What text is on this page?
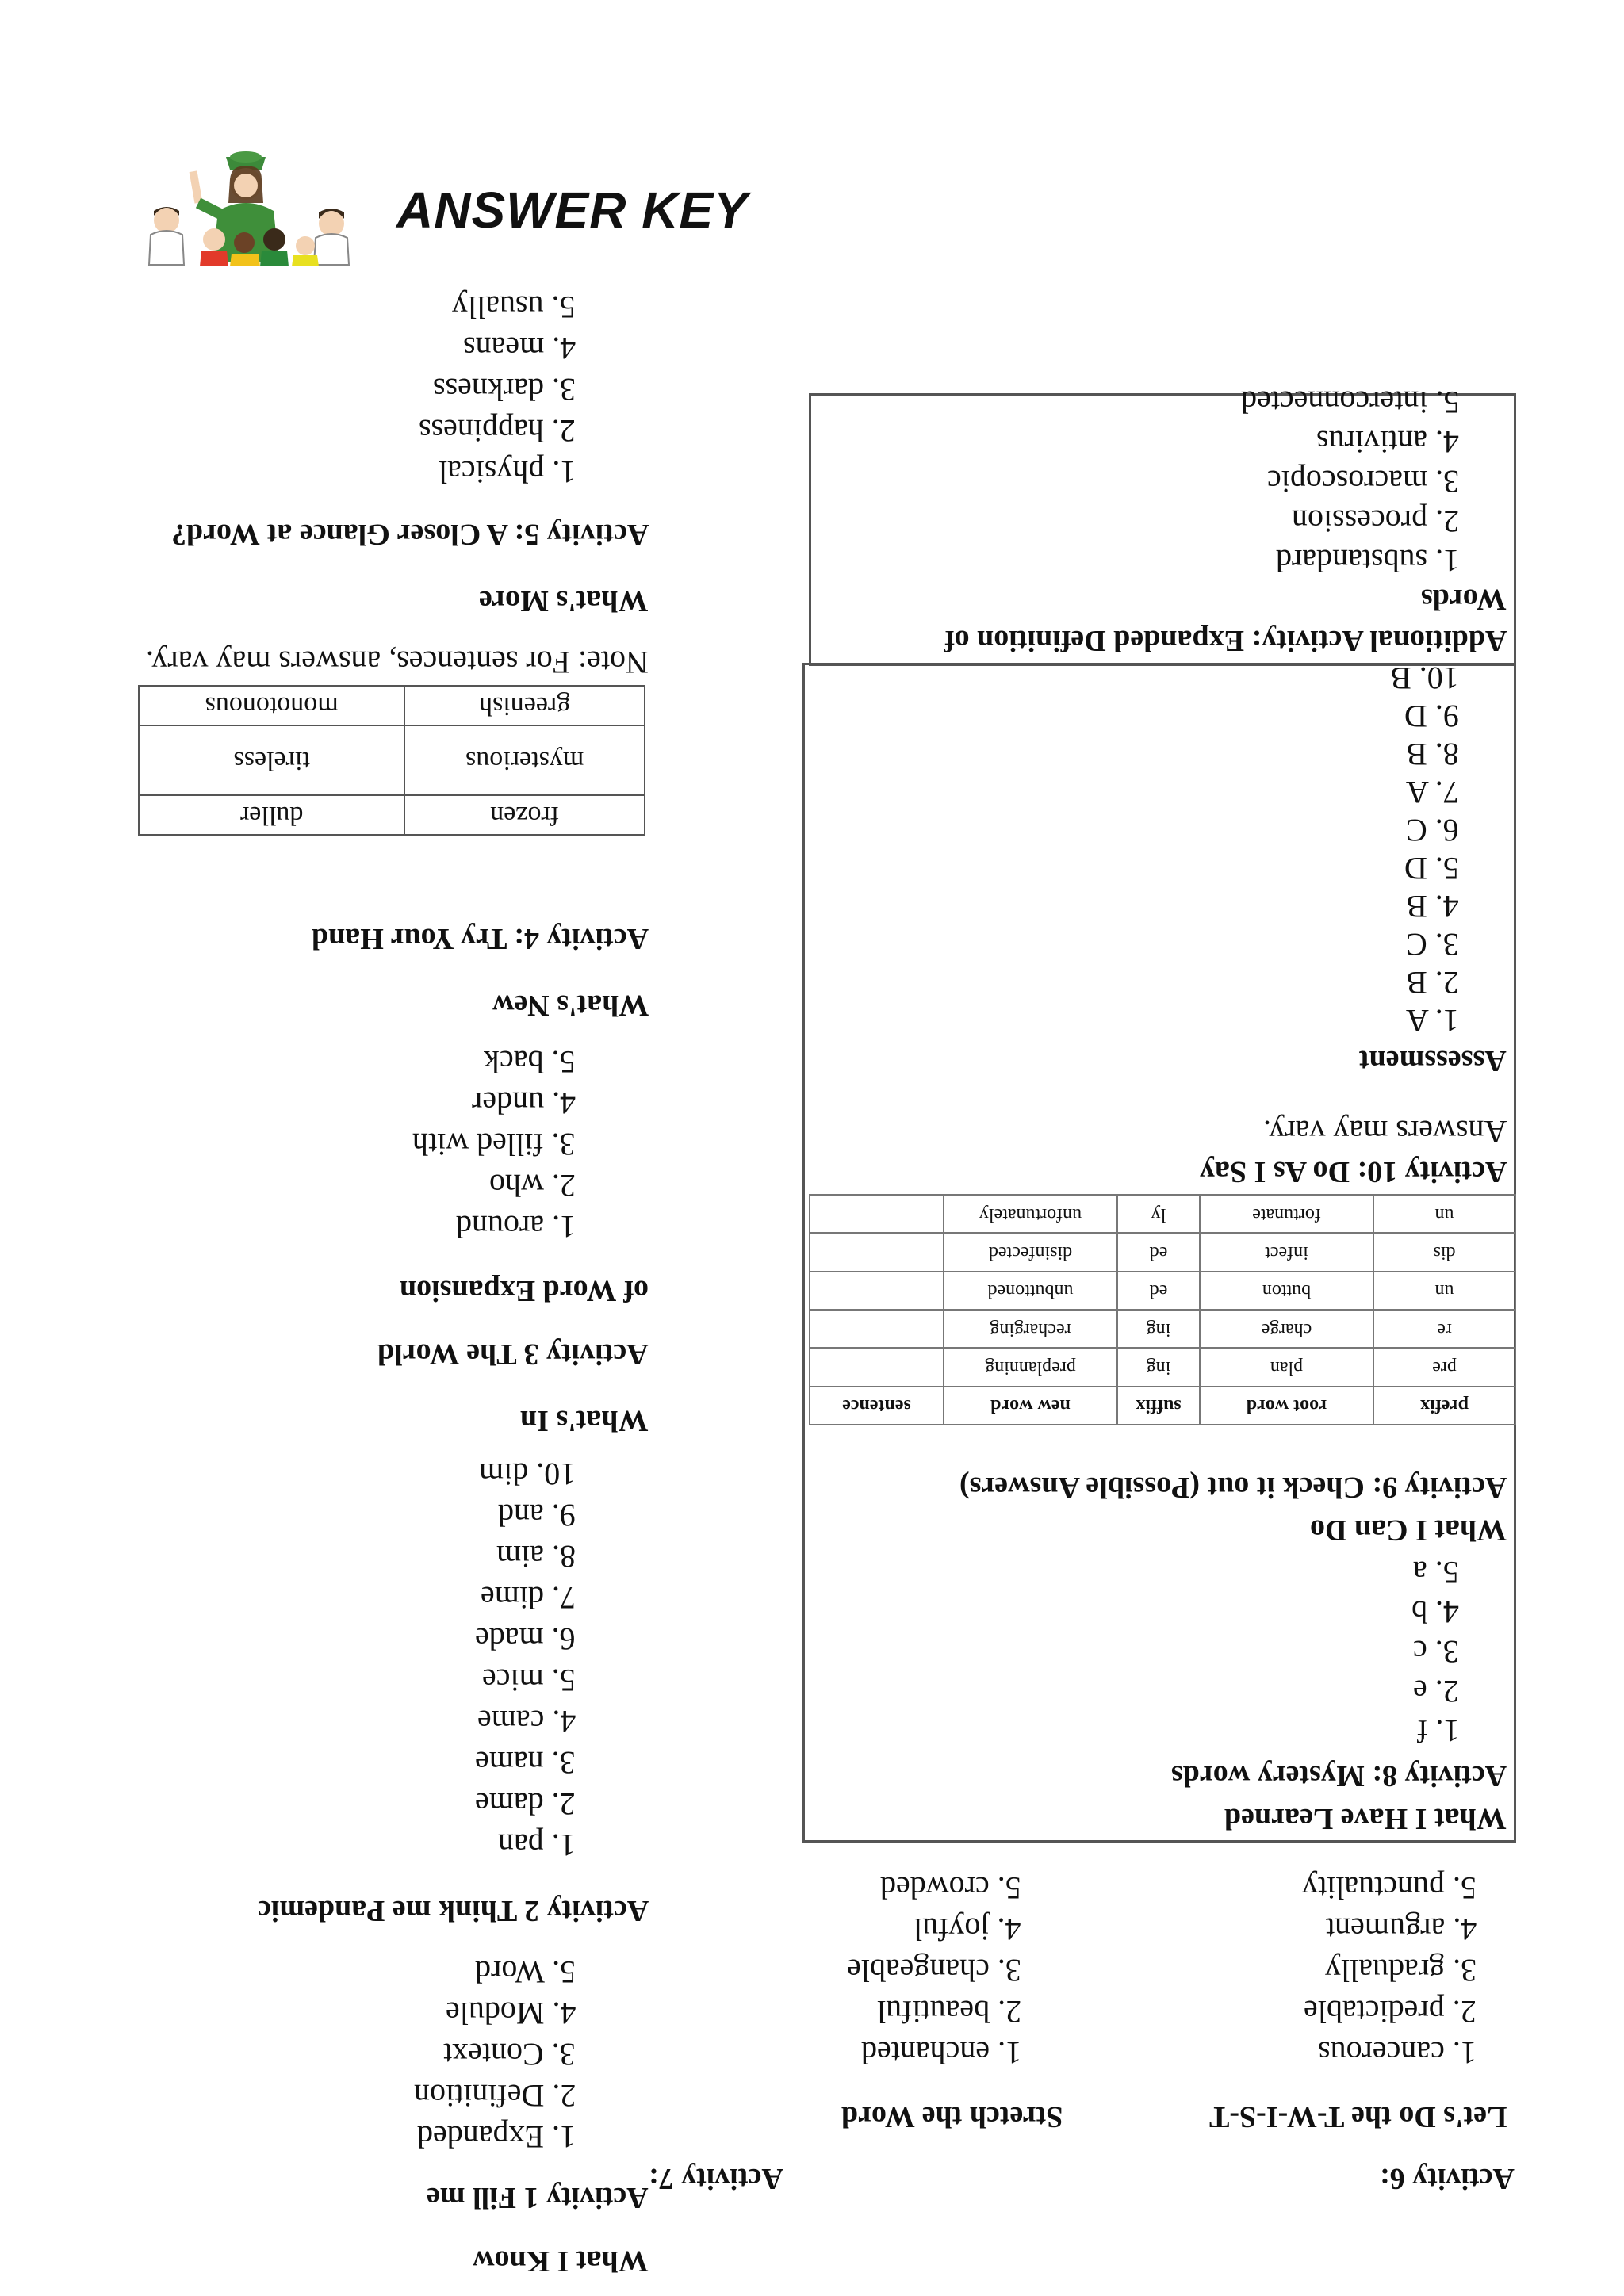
ANSWER KEY
What I Know
Activity 1 Fill me
1. Expanded
2. Definition
3. Context
4. Module
5. Word
Activity 2 Think me Pandemic
1. pan
2. dame
3. name
4. came
5. mice
6. made
7. dime
8. aim
9. and
10. dim
What's In
Activity 3 The World
of Word Expansion
1. around
2. who
3. filled with
4. under
5. back
What's New
Activity 4: Try Your Hand
frozen	duller
mysterious	tireless
greenish	monotonous
Note: For sentences, answers may vary.
What's More
Activity 5: A Closer Glance at Word?
1. physical
2. happiness
3. darkness
4. means
5. usually
Activity 6:
Activity 7:
Let's Do the T-W-I-S-T
Stretch the Word
1. cancerous
2. predictable
3. gradually
4. argument
5. punctuality
1. enchanted
2. beautiful
3. changeable
4. joyful
5. crowded
What I Have Learned
Activity 8: Mystery words
1. f
2. e
3. c
4. b
5. a
What I Can Do
Activity 9: Check it out (Possible Answers)
prefix	root word	suffix	new word	sentence
pre	plan	ing	preplanning	
re	charge	ing	recharging	
un	button	ed	unbuttoned	
dis	infect	ed	disinfected	
un	fortunate	ly	unfortunately	
Activity 10: Do As I Say
Answers may vary.
Assessment
1. A
2. B
3. C
4. B
5. D
6. C
7. A
8. B
9. D
10. B
Additional Activity: Expanded Definition of
Words
1. substandard
2. procession
3. macroscopic
4. antivirus
5. interconnected
